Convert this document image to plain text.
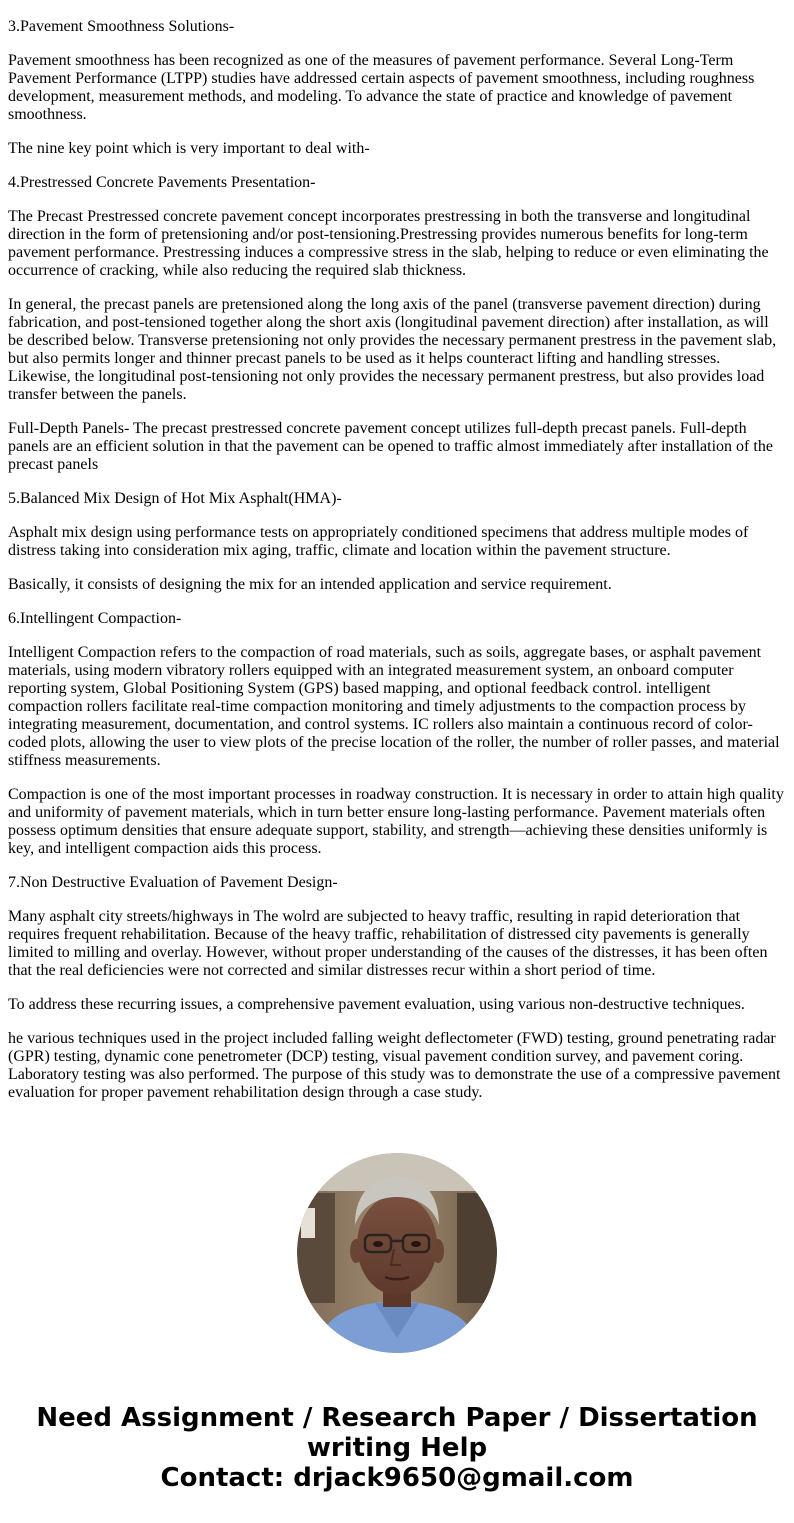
3.Pavement Smoothness Solutions-

Pavement smoothness has been recognized as one of the measures of pavement performance. Several Long-Term Pavement Performance (LTPP) studies have addressed certain aspects of pavement smoothness, including roughness development, measurement methods, and modeling. To advance the state of practice and knowledge of pavement smoothness.

The nine key point which is very important to deal with-

4.Prestressed Concrete Pavements Presentation-

The Precast Prestressed concrete pavement concept incorporates prestressing in both the transverse and longitudinal direction in the form of pretensioning and/or post-tensioning.Prestressing provides numerous benefits for long-term pavement performance. Prestressing induces a compressive stress in the slab, helping to reduce or even eliminating the occurrence of cracking, while also reducing the required slab thickness.

In general, the precast panels are pretensioned along the long axis of the panel (transverse pavement direction) during fabrication, and post-tensioned together along the short axis (longitudinal pavement direction) after installation, as will be described below. Transverse pretensioning not only provides the necessary permanent prestress in the pavement slab, but also permits longer and thinner precast panels to be used as it helps counteract lifting and handling stresses. Likewise, the longitudinal post-tensioning not only provides the necessary permanent prestress, but also provides load transfer between the panels.

Full-Depth Panels- The precast prestressed concrete pavement concept utilizes full-depth precast panels. Full-depth panels are an efficient solution in that the pavement can be opened to traffic almost immediately after installation of the precast panels

5.Balanced Mix Design of Hot Mix Asphalt(HMA)-

Asphalt mix design using performance tests on appropriately conditioned specimens that address multiple modes of distress taking into consideration mix aging, traffic, climate and location within the pavement structure.

Basically, it consists of designing the mix for an intended application and service requirement.

6.Intellingent Compaction-

Intelligent Compaction refers to the compaction of road materials, such as soils, aggregate bases, or asphalt pavement materials, using modern vibratory rollers equipped with an integrated measurement system, an onboard computer reporting system, Global Positioning System (GPS) based mapping, and optional feedback control. intelligent compaction rollers facilitate real-time compaction monitoring and timely adjustments to the compaction process by integrating measurement, documentation, and control systems. IC rollers also maintain a continuous record of color-coded plots, allowing the user to view plots of the precise location of the roller, the number of roller passes, and material stiffness measurements.

Compaction is one of the most important processes in roadway construction. It is necessary in order to attain high quality and uniformity of pavement materials, which in turn better ensure long-lasting performance. Pavement materials often possess optimum densities that ensure adequate support, stability, and strength—achieving these densities uniformly is key, and intelligent compaction aids this process.

7.Non Destructive Evaluation of Pavement Design-

Many asphalt city streets/highways in The wolrd are subjected to heavy traffic, resulting in rapid deterioration that requires frequent rehabilitation. Because of the heavy traffic, rehabilitation of distressed city pavements is generally limited to milling and overlay. However, without proper understanding of the causes of the distresses, it has been often that the real deficiencies were not corrected and similar distresses recur within a short period of time.

To address these recurring issues, a comprehensive pavement evaluation, using various non-destructive techniques.

he various techniques used in the project included falling weight deflectometer (FWD) testing, ground penetrating radar (GPR) testing, dynamic cone penetrometer (DCP) testing, visual pavement condition survey, and pavement coring. Laboratory testing was also performed. The purpose of this study was to demonstrate the use of a compressive pavement evaluation for proper pavement rehabilitation design through a case study.

Need Assignment / Research Paper / Dissertation
writing Help
Contact: drjack9650@gmail.com
